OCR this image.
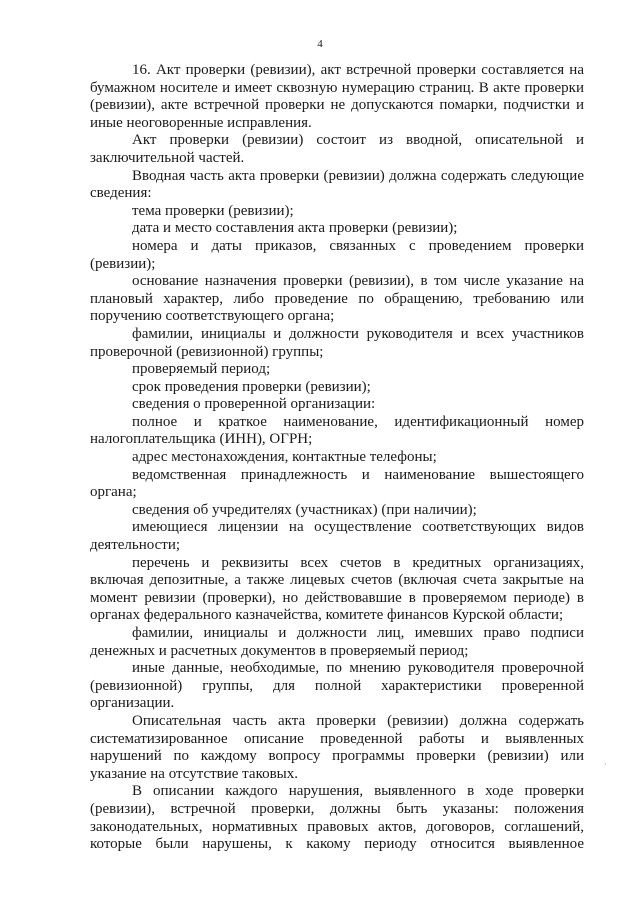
4

16. Акт проверки (ревизии), акт встречной проверки составляется на бумажном носителе и имеет сквозную нумерацию страниц. В акте проверки (ревизии), акте встречной проверки не допускаются помарки, подчистки и иные неоговоренные исправления.

Акт проверки (ревизии) состоит из вводной, описательной и заключительной частей.

Вводная часть акта проверки (ревизии) должна содержать следующие сведения:

тема проверки (ревизии);

дата и место составления акта проверки (ревизии);

номера и даты приказов, связанных с проведением проверки (ревизии);

основание назначения проверки (ревизии), в том числе указание на плановый характер, либо проведение по обращению, требованию или поручению соответствующего органа;

фамилии, инициалы и должности руководителя и всех участников проверочной (ревизионной) группы;

проверяемый период;

срок проведения проверки (ревизии);

сведения о проверенной организации:

полное и краткое наименование, идентификационный номер налогоплательщика (ИНН), ОГРН;

адрес местонахождения, контактные телефоны;

ведомственная принадлежность и наименование вышестоящего органа;

сведения об учредителях (участниках) (при наличии);

имеющиеся лицензии на осуществление соответствующих видов деятельности;

перечень и реквизиты всех счетов в кредитных организациях, включая депозитные, а также лицевых счетов (включая счета закрытые на момент ревизии (проверки), но действовавшие в проверяемом периоде) в органах федерального казначейства, комитете финансов Курской области;

фамилии, инициалы и должности лиц, имевших право подписи денежных и расчетных документов в проверяемый период;

иные данные, необходимые, по мнению руководителя проверочной (ревизионной) группы, для полной характеристики проверенной организации.

Описательная часть акта проверки (ревизии) должна содержать систематизированное описание проведенной работы и выявленных нарушений по каждому вопросу программы проверки (ревизии) или указание на отсутствие таковых.

В описании каждого нарушения, выявленного в ходе проверки (ревизии), встречной проверки, должны быть указаны: положения законодательных, нормативных правовых актов, договоров, соглашений, которые были нарушены, к какому периоду относится выявленное

·
